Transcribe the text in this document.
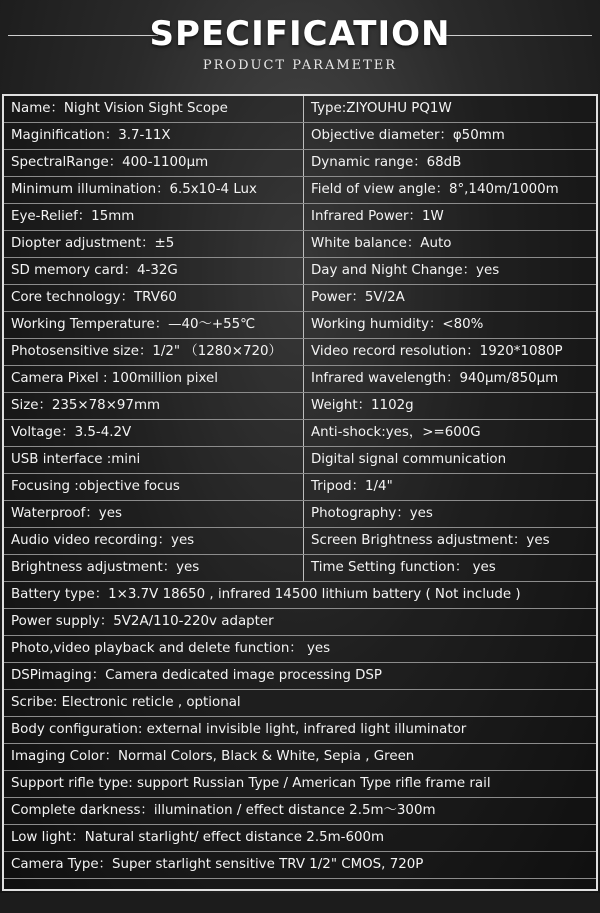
SPECIFICATION
PRODUCT PARAMETER
Name：Night Vision Sight Scope	Type:ZIYOUHU PQ1W
Maginification：3.7-11X	Objective diameter：φ50mm
SpectralRange：400-1100μm	Dynamic range：68dB
Minimum illumination：6.5x10-4 Lux	Field of view angle：8°,140m/1000m
Eye-Relief：15mm	Infrared Power：1W
Diopter adjustment：±5	White balance：Auto
SD memory card：4-32G	Day and Night Change：yes
Core technology：TRV60	Power：5V/2A
Working Temperature：—40～+55℃	Working humidity：<80%
Photosensitive size：1/2" （1280×720）	Video record resolution：1920*1080P
Camera Pixel : 100million pixel	Infrared wavelength：940μm/850μm
Size：235×78×97mm	Weight：1102g
Voltage：3.5-4.2V	Anti-shock:yes，>=600G
USB interface :mini	Digital signal communication
Focusing :objective focus	Tripod：1/4"
Waterproof：yes	Photography：yes
Audio video recording：yes	Screen Brightness adjustment：yes
Brightness adjustment：yes	Time Setting function： yes
Battery type：1×3.7V 18650 , infrared 14500 lithium battery ( Not include )
Power supply：5V2A/110-220v adapter
Photo,video playback and delete function： yes
DSPimaging：Camera dedicated image processing DSP
Scribe: Electronic reticle , optional
Body configuration: external invisible light, infrared light illuminator
Imaging Color：Normal Colors, Black & White, Sepia , Green
Support rifle type: support Russian Type / American Type rifle frame rail
Complete darkness：illumination / effect distance 2.5m～300m
Low light：Natural starlight/ effect distance 2.5m-600m
Camera Type：Super starlight sensitive TRV 1/2" CMOS, 720P
